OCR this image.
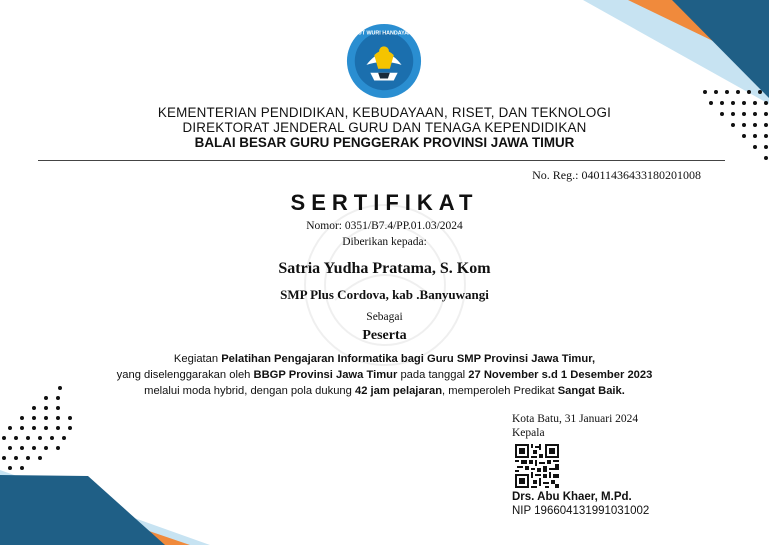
TUT WURI HANDAYANI
KEMENTERIAN PENDIDIKAN, KEBUDAYAAN, RISET, DAN TEKNOLOGI
DIREKTORAT JENDERAL GURU DAN TENAGA KEPENDIDIKAN
BALAI BESAR GURU PENGGERAK PROVINSI JAWA TIMUR
No. Reg.: 04011436433180201008
SERTIFIKAT
Nomor: 0351/B7.4/PP.01.03/2024
Diberikan kepada:
Satria Yudha Pratama, S. Kom
SMP Plus Cordova, kab .Banyuwangi
Sebagai
Peserta
Kegiatan Pelatihan Pengajaran Informatika bagi Guru SMP Provinsi Jawa Timur,
yang diselenggarakan oleh BBGP Provinsi Jawa Timur pada tanggal 27 November s.d 1 Desember 2023
melalui moda hybrid, dengan pola dukung 42 jam pelajaran, memperoleh Predikat Sangat Baik.
Kota Batu, 31 Januari 2024
Kepala
Drs. Abu Khaer, M.Pd.
NIP 196604131991031002
